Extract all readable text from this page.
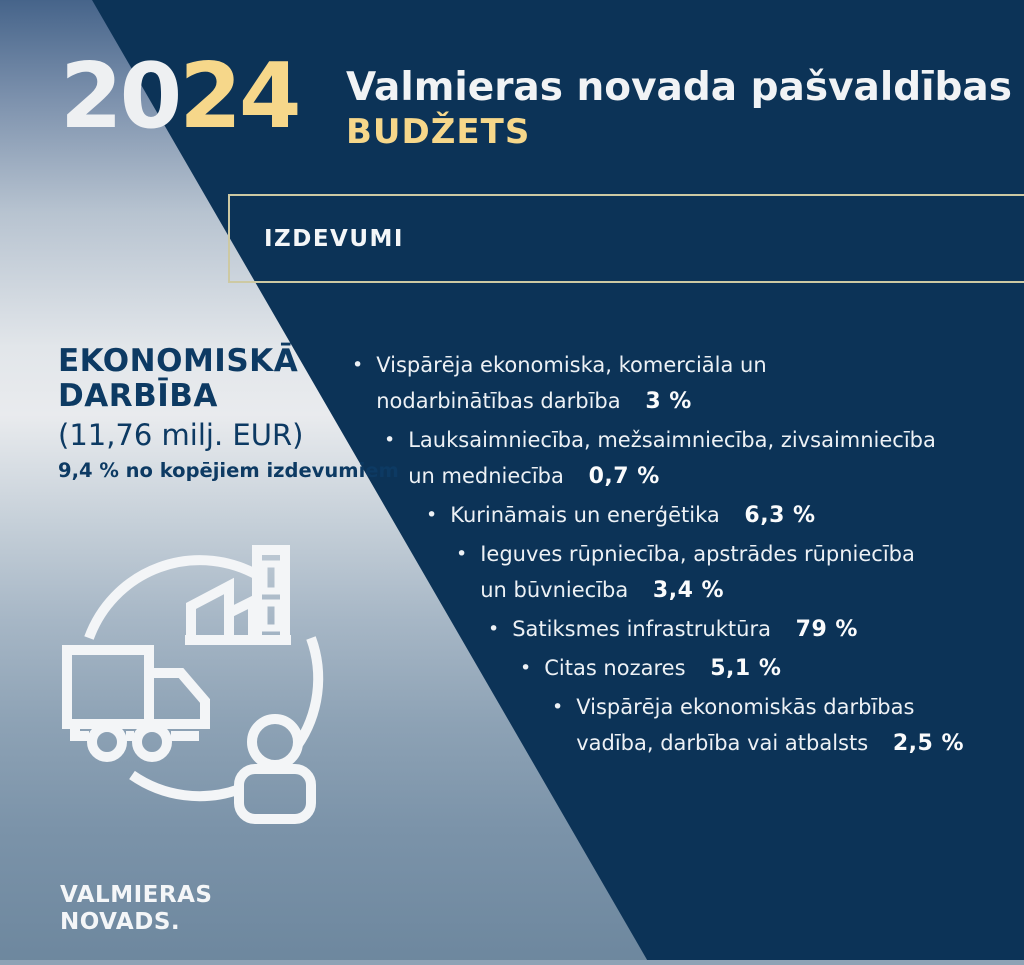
2024 Valmieras novada pašvaldības
BUDŽETS
IZDEVUMI
EKONOMISKĀ
DARBĪBA
(11,76 milj. EUR)
9,4 % no kopējiem izdevumiem
• Vispārēja ekonomiska, komerciāla un
nodarbinātības darbība 3 %
• Lauksaimniecība, mežsaimniecība, zivsaimniecība
un medniecība 0,7 %
• Kurināmais un enerģētika 6,3 %
• Ieguves rūpniecība, apstrādes rūpniecība
un būvniecība 3,4 %
• Satiksmes infrastruktūra 79 %
• Citas nozares 5,1 %
• Vispārēja ekonomiskās darbības
vadība, darbība vai atbalsts 2,5 %
VALMIERAS
NOVADS.
